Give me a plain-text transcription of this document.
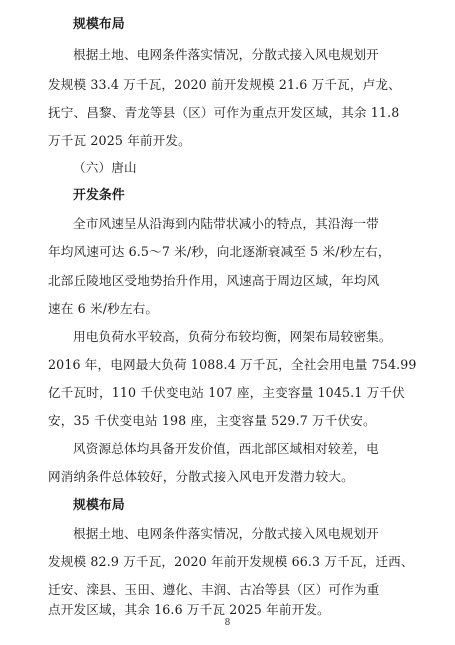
规模布局
根据土地、电网条件落实情况，分散式接入风电规划开
发规模 33.4 万千瓦，2020 前开发规模 21.6 万千瓦，卢龙、
抚宁、昌黎、青龙等县（区）可作为重点开发区域，其余 11.8
万千瓦 2025 年前开发。
（六）唐山
开发条件
全市风速呈从沿海到内陆带状减小的特点，其沿海一带
年均风速可达 6.5～7 米/秒，向北逐渐衰减至 5 米/秒左右，
北部丘陵地区受地势抬升作用，风速高于周边区域，年均风
速在 6 米/秒左右。
用电负荷水平较高，负荷分布较均衡，网架布局较密集。
2016 年，电网最大负荷 1088.4 万千瓦，全社会用电量 754.99
亿千瓦时，110 千伏变电站 107 座，主变容量 1045.1 万千伏
安，35 千伏变电站 198 座，主变容量 529.7 万千伏安。
风资源总体均具备开发价值，西北部区域相对较差，电
网消纳条件总体较好，分散式接入风电开发潜力较大。
规模布局
根据土地、电网条件落实情况，分散式接入风电规划开
发规模 82.9 万千瓦，2020 年前开发规模 66.3 万千瓦，迁西、
迁安、滦县、玉田、遵化、丰润、古冶等县（区）可作为重
点开发区域，其余 16.6 万千瓦 2025 年前开发。
8
